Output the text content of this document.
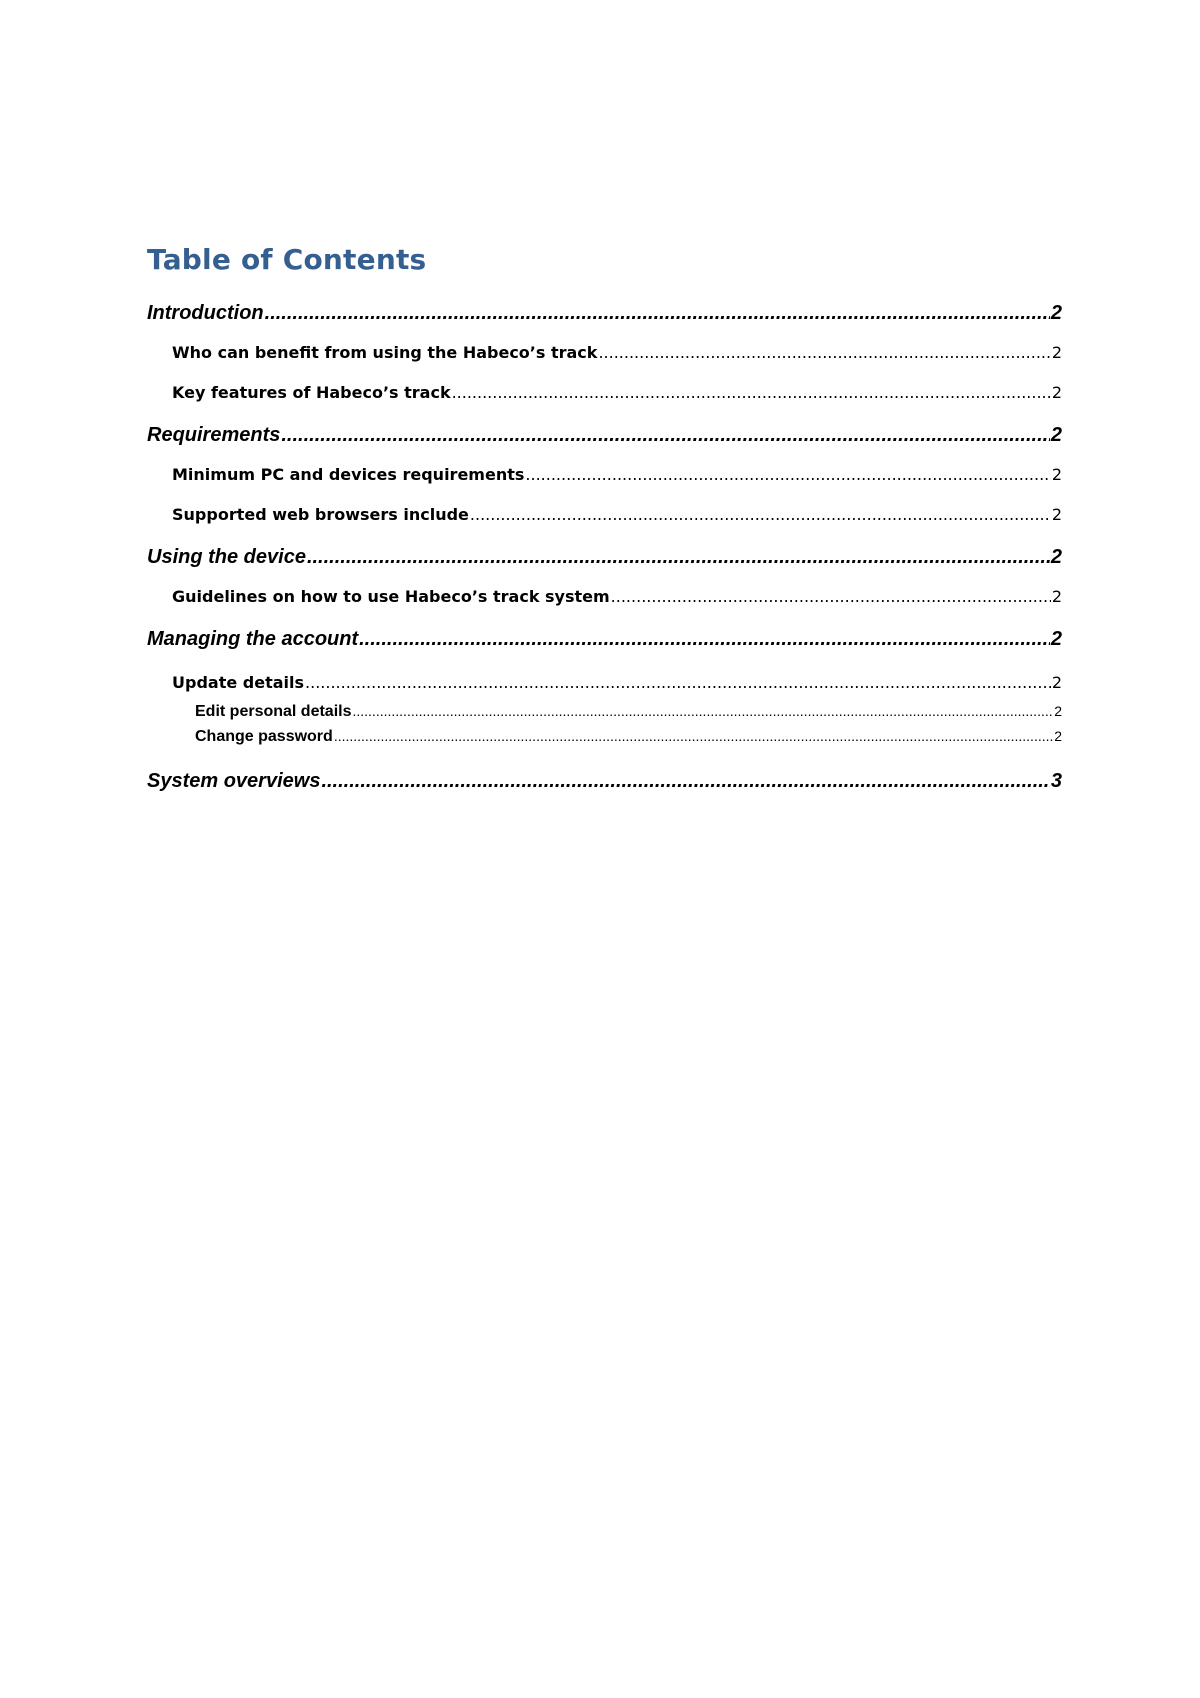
Table of Contents
Introduction .....	2
Who can benefit from using the Habeco’s track .....	2
Key features of Habeco’s track .....	2
Requirements .....	2
Minimum PC and devices requirements .....	2
Supported web browsers include .....	2
Using the device .....	2
Guidelines on how to use Habeco’s track system .....	2
Managing the account .....	2
Update details .....	2
Edit personal details .....	2
Change password .....	2
System overviews .....	3
